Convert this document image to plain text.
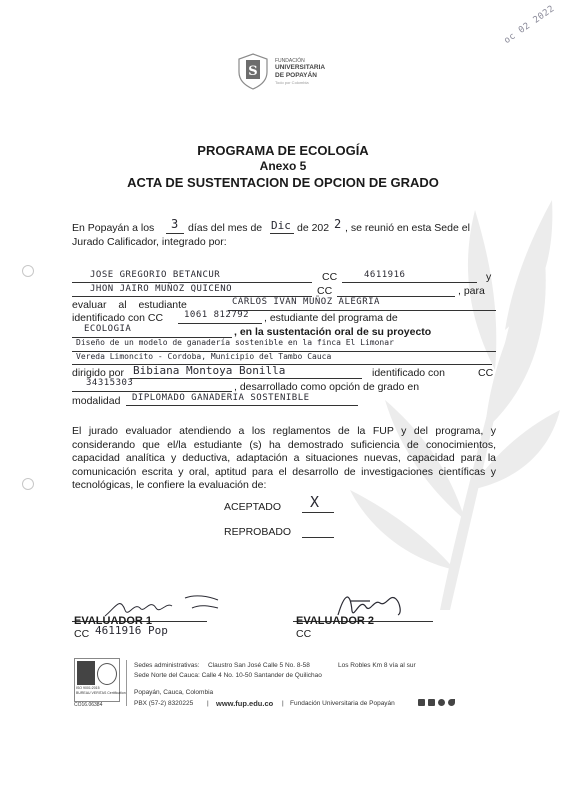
oc 02 2022
S
FUNDACIÓN
UNIVERSITARIA
DE POPAYÁN
Todo por Colombia
PROGRAMA DE ECOLOGÍA
Anexo 5
ACTA DE SUSTENTACION DE OPCION DE GRADO
En Popayán a los 3 días del mes de Dic de 202 2 , se reunió en esta Sede el
Jurado Calificador, integrado por:
JOSE GREGORIO BETANCUR	CC	4611916	y
JHON JAIRO MUÑOZ QUICENO	CC	, para
evaluar al estudiante	CARLOS IVAN MUÑOZ ALEGRIA
identificado con CC 1061 812792 , estudiante del programa de
ECOLOGIA	, en la sustentación oral de su proyecto
Diseño de un modelo de ganadería sostenible en la finca El Limonar
Vereda Limoncito - Cordoba, Municipio del Tambo Cauca
dirigido por Bibiana Montoya Bonilla	identificado con	CC
34315303	, desarrollado como opción de grado en
modalidad DIPLOMADO GANADERIA SOSTENIBLE
El jurado evaluador atendiendo a los reglamentos de la FUP y del programa, y considerando que el/la estudiante (s) ha demostrado suficiencia de conocimientos, capacidad analítica y deductiva, adaptación a situaciones nuevas, capacidad para la comunicación escrita y oral, aptitud para el desarrollo de investigaciones científicas y tecnológicas, le confiere la evaluación de:
ACEPTADO X
REPROBADO
EVALUADOR 1
CC 4611916 Pop
EVALUADOR 2
CC
ISO 9001:2015
BUREAU VERITAS Certification
CO16.06384
Sedes administrativas: Claustro San José Calle 5 No. 8-58	Los Robles Km 8 vía al sur
Sede Norte del Cauca: Calle 4 No. 10-50 Santander de Quilichao
Popayán, Cauca, Colombia
PBX (57-2) 8320225 | www.fup.edu.co | Fundación Universitaria de Popayán
